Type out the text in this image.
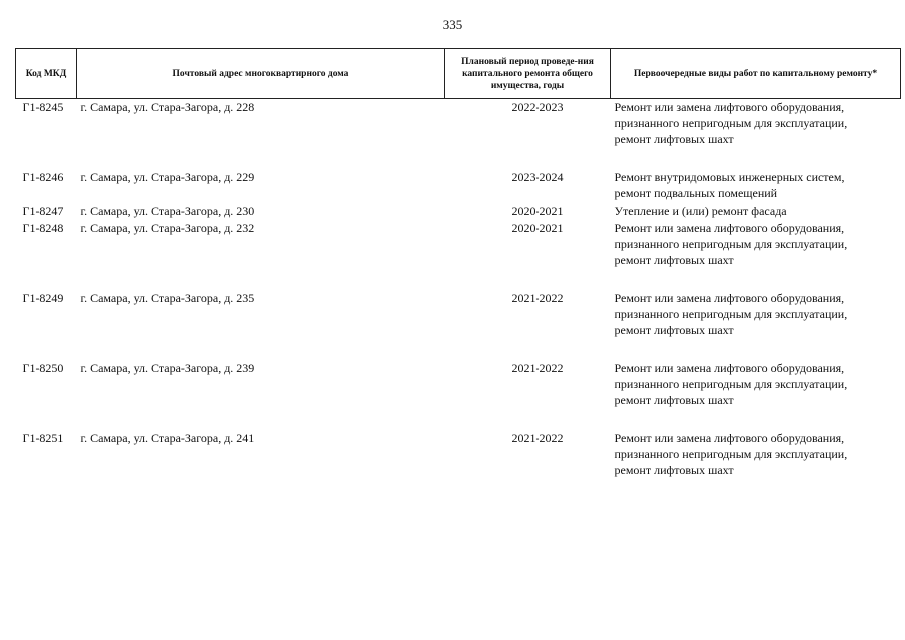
335
Код МКД	Почтовый адрес многоквартирного дома	Плановый период проведе-ния капитального ремонта общего имущества, годы	Первоочередные виды работ по капитальному ремонту*
Г1-8245	г. Самара, ул. Стара-Загора, д. 228	2022-2023	Ремонт или замена лифтового оборудования,
признанного непригодным для эксплуатации,
ремонт лифтовых шахт

Г1-8246	г. Самара, ул. Стара-Загора, д. 229	2023-2024	Ремонт внутридомовых инженерных систем,
ремонт подвальных помещений

Г1-8247	г. Самара, ул. Стара-Загора, д. 230	2020-2021	Утепление и (или) ремонт фасада

Г1-8248	г. Самара, ул. Стара-Загора, д. 232	2020-2021	Ремонт или замена лифтового оборудования,
признанного непригодным для эксплуатации,
ремонт лифтовых шахт

Г1-8249	г. Самара, ул. Стара-Загора, д. 235	2021-2022	Ремонт или замена лифтового оборудования,
признанного непригодным для эксплуатации,
ремонт лифтовых шахт

Г1-8250	г. Самара, ул. Стара-Загора, д. 239	2021-2022	Ремонт или замена лифтового оборудования,
признанного непригодным для эксплуатации,
ремонт лифтовых шахт

Г1-8251	г. Самара, ул. Стара-Загора, д. 241	2021-2022	Ремонт или замена лифтового оборудования,
признанного непригодным для эксплуатации,
ремонт лифтовых шахт
